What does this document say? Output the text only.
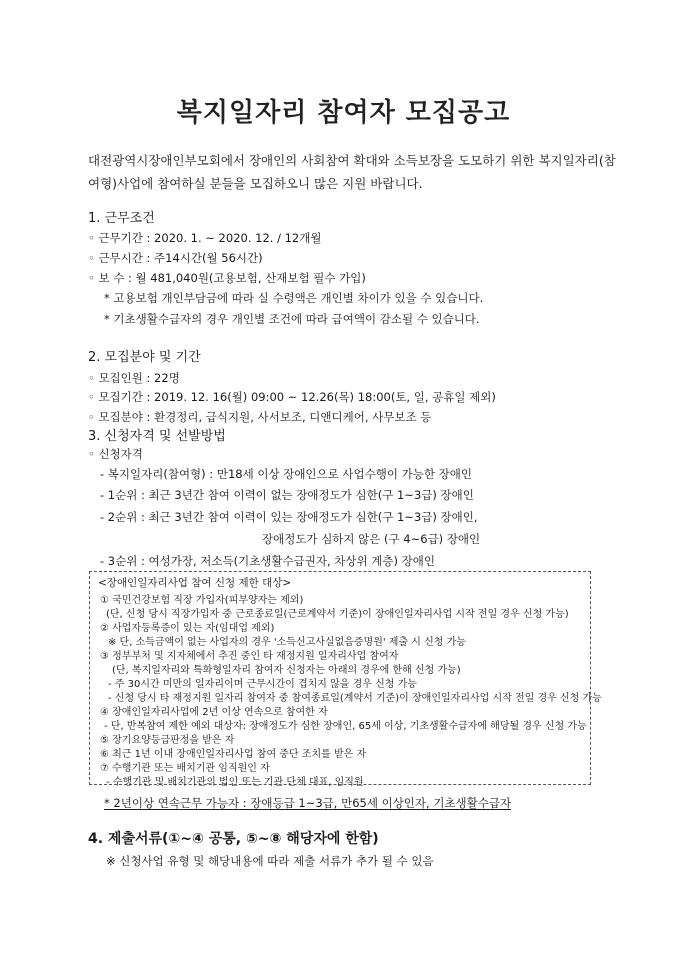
복지일자리 참여자 모집공고
대전광역시장애인부모회에서 장애인의 사회참여 확대와 소득보장을 도모하기 위한 복지일자리(참
여형)사업에 참여하실 분들을 모집하오니 많은 지원 바랍니다.
1. 근무조건
◦ 근무기간 : 2020. 1. ~ 2020. 12. / 12개월
◦ 근무시간 : 주14시간(월 56시간)
◦ 보 수 : 월 481,040원(고용보험, 산재보험 필수 가입)
* 고용보험 개인부담금에 따라 실 수령액은 개인별 차이가 있을 수 있습니다.
* 기초생활수급자의 경우 개인별 조건에 따라 급여액이 감소될 수 있습니다.
2. 모집분야 및 기간
◦ 모집인원 : 22명
◦ 모집기간 : 2019. 12. 16(월) 09:00 ~ 12.26(목) 18:00(토, 일, 공휴일 제외)
◦ 모집분야 : 환경정리, 급식지원, 사서보조, 디앤디케어, 사무보조 등
3. 신청자격 및 선발방법
◦ 신청자격
- 복지일자리(참여형) : 만18세 이상 장애인으로 사업수행이 가능한 장애인
- 1순위 : 최근 3년간 참여 이력이 없는 장애정도가 심한(구 1~3급) 장애인
- 2순위 : 최근 3년간 참여 이력이 있는 장애정도가 심한(구 1~3급) 장애인,
장애정도가 심하지 않은 (구 4~6급) 장애인
<장애인일자리사업 참여 신청 제한 대상>
① 국민건강보험 직장 가입자(피부양자는 제외)
(단, 신청 당시 직장가입자 중 근로종료일(근로계약서 기준)이 장애인일자리사업 시작 전일 경우 신청 가능)
② 사업자등록증이 있는 자(임대업 제외)
※ 단, 소득금액이 없는 사업자의 경우 '소득신고사실없음증명원' 제출 시 신청 가능
③ 정부부처 및 지자체에서 추진 중인 타 재정지원 일자리사업 참여자
(단, 복지일자리와 특화형일자리 참여자 신청자는 아래의 경우에 한해 신청 가능)
- 주 30시간 미만의 일자리이며 근무시간이 겹치지 않을 경우 신청 가능
- 신청 당시 타 재정지원 일자리 참여자 중 참여종료일(계약서 기준)이 장애인일자리사업 시작 전일 경우 신청 가능
④ 장애인일자리사업에 2년 이상 연속으로 참여한 자
- 단, 반복참여 제한 예외 대상자: 장애정도가 심한 장애인, 65세 이상, 기초생활수급자에 해당될 경우 신청 가능
⑤ 장기요양등급판정을 받은 자
⑥ 최근 1년 이내 장애인일자리사업 참여 중단 조치를 받은 자
⑦ 수행기관 또는 배치기관 임직원인 자
- 수행기관 및 배치기관의 법인 또는 기관 단체 대표, 임직원
* 2년이상 연속근무 가능자 : 장애등급 1~3급, 만65세 이상인자, 기초생활수급자
4. 제출서류(①~④ 공통, ⑤~⑧ 해당자에 한함)
※ 신청사업 유형 및 해당내용에 따라 제출 서류가 추가 될 수 있음
- 3순위 : 여성가장, 저소득(기초생활수급권자, 차상위 계층) 장애인
